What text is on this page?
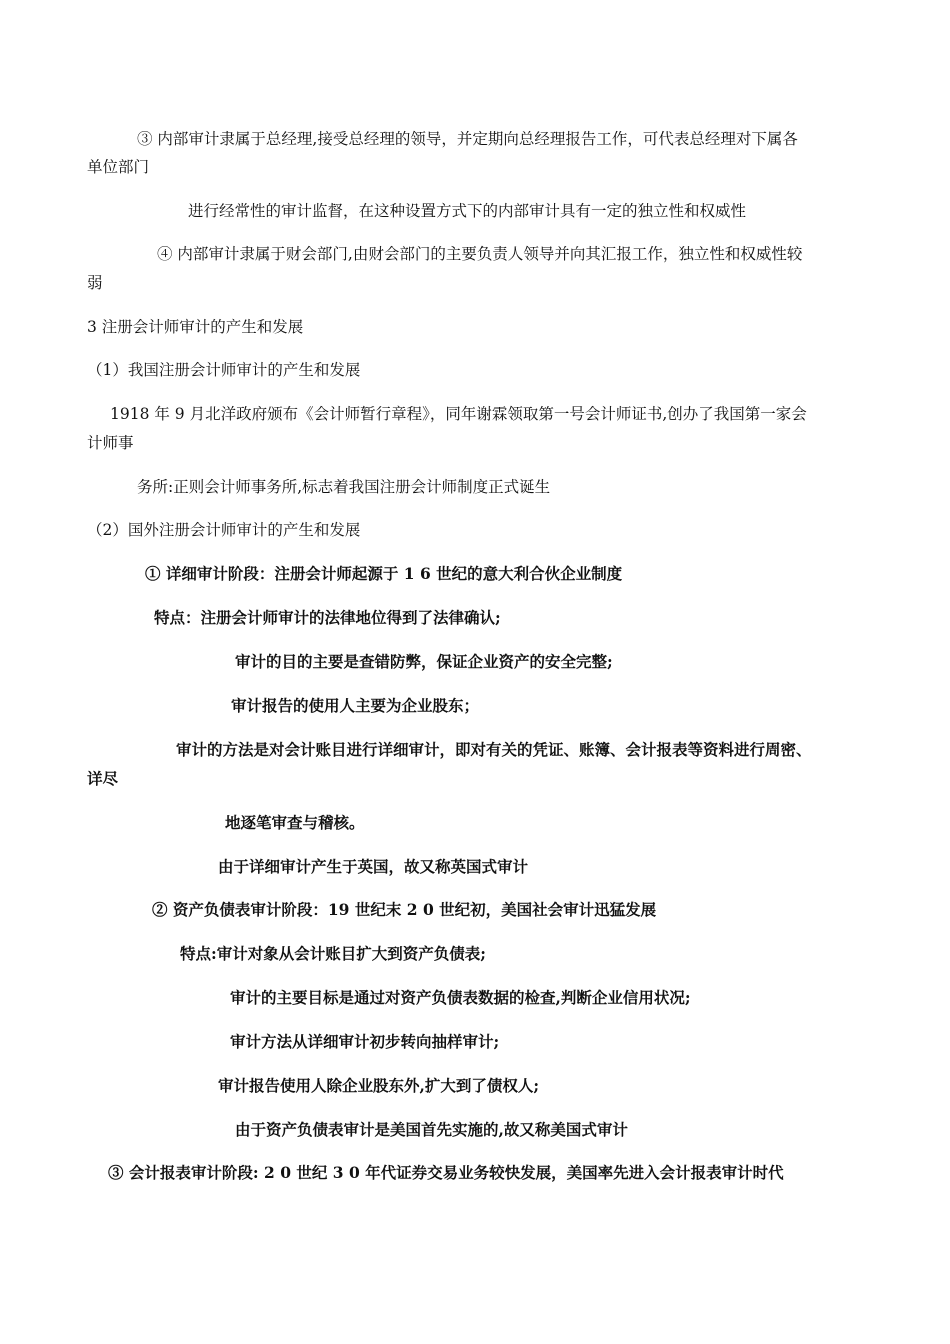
③ 内部审计隶属于总经理,接受总经理的领导，并定期向总经理报告工作，可代表总经理对下属各
单位部门
进行经常性的审计监督，在这种设置方式下的内部审计具有一定的独立性和权威性
④ 内部审计隶属于财会部门,由财会部门的主要负责人领导并向其汇报工作，独立性和权威性较
弱
3 注册会计师审计的产生和发展
（1）我国注册会计师审计的产生和发展
1918 年 9 月北洋政府颁布《会计师暂行章程》，同年谢霖领取第一号会计师证书,创办了我国第一家会
计师事
务所:正则会计师事务所,标志着我国注册会计师制度正式诞生
（2）国外注册会计师审计的产生和发展
① 详细审计阶段：注册会计师起源于 1 6 世纪的意大利合伙企业制度
特点：注册会计师审计的法律地位得到了法律确认;
审计的目的主要是查错防弊，保证企业资产的安全完整;
审计报告的使用人主要为企业股东；
审计的方法是对会计账目进行详细审计，即对有关的凭证、账簿、会计报表等资料进行周密、
详尽
地逐笔审查与稽核。
由于详细审计产生于英国，故又称英国式审计
② 资产负债表审计阶段：19 世纪末 2 0 世纪初，美国社会审计迅猛发展
特点:审计对象从会计账目扩大到资产负债表;
审计的主要目标是通过对资产负债表数据的检查,判断企业信用状况;
审计方法从详细审计初步转向抽样审计;
审计报告使用人除企业股东外,扩大到了债权人;
由于资产负债表审计是美国首先实施的,故又称美国式审计
③ 会计报表审计阶段: 2 0 世纪 3 0 年代证券交易业务较快发展，美国率先进入会计报表审计时代
